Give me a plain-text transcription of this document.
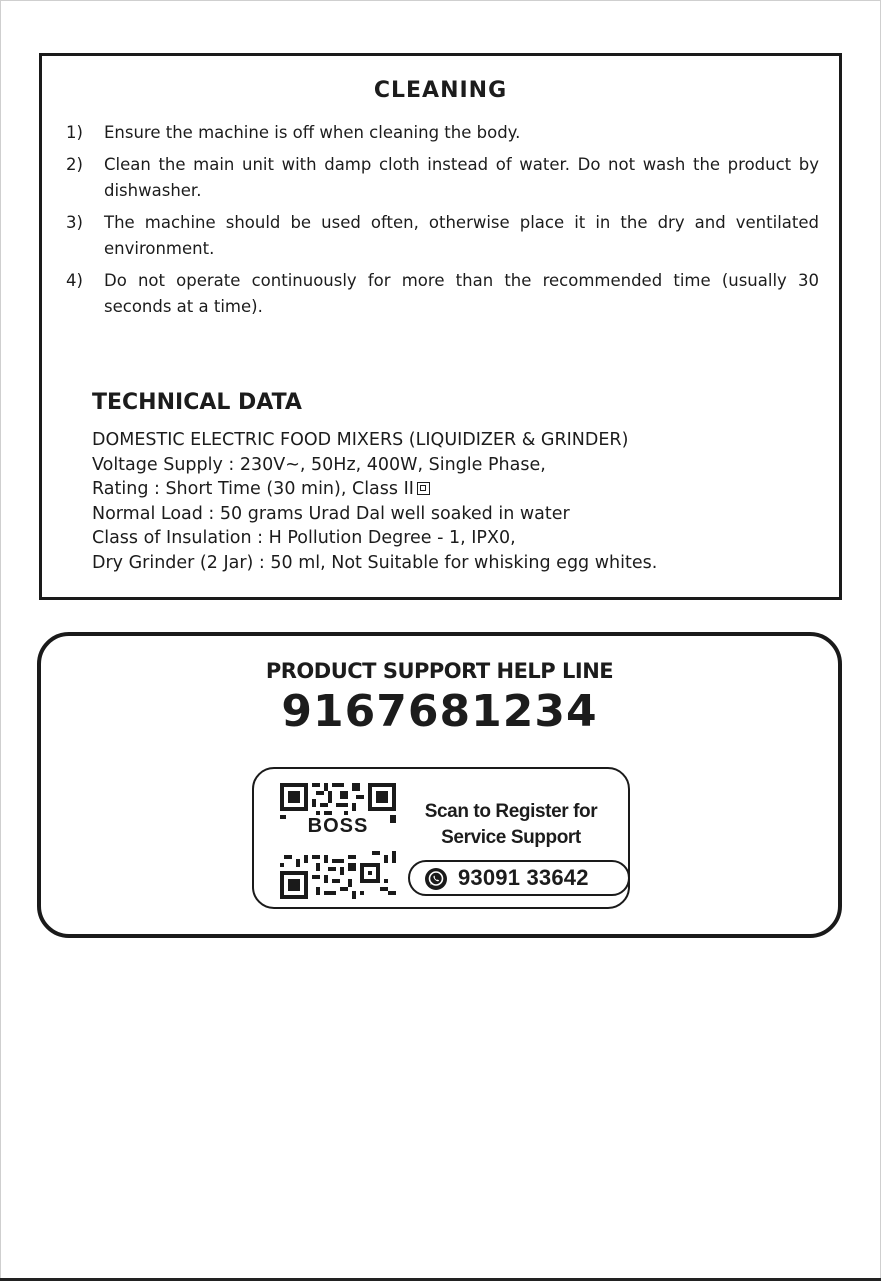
CLEANING
1) Ensure the machine is off when cleaning the body.
2) Clean the main unit with damp cloth instead of water. Do not wash the product by dishwasher.
3) The machine should be used often, otherwise place it in the dry and ventilated environment.
4) Do not operate continuously for more than the recommended time (usually 30 seconds at a time).
TECHNICAL DATA
DOMESTIC ELECTRIC FOOD MIXERS (LIQUIDIZER & GRINDER)
Voltage Supply : 230V~, 50Hz, 400W, Single Phase,
Rating : Short Time (30 min), Class II
Normal Load : 50 grams Urad Dal well soaked in water
Class of Insulation : H Pollution Degree - 1, IPX0,
Dry Grinder (2 Jar) : 50 ml, Not Suitable for whisking egg whites.
PRODUCT SUPPORT HELP LINE
9167681234
BOSS
Scan to Register for
Service Support
93091 33642
